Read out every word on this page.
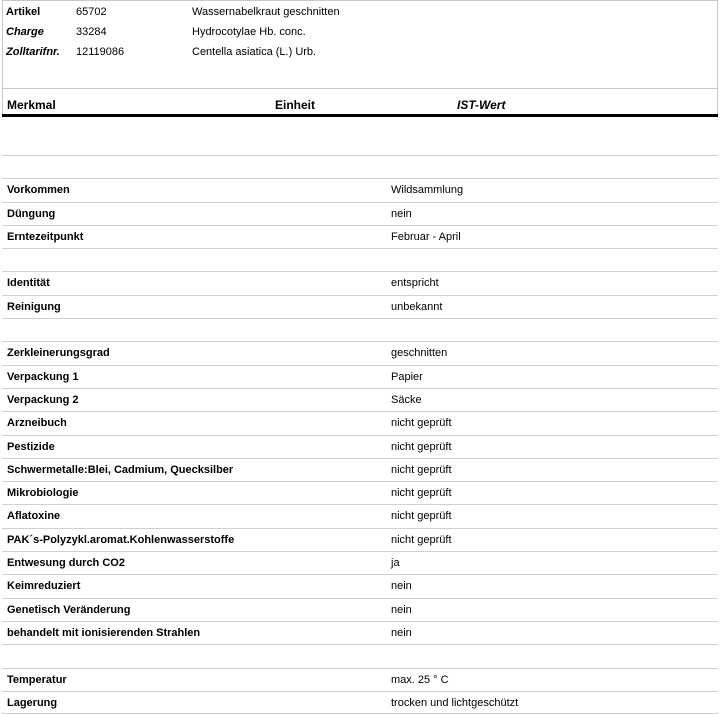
Artikel	65702	Wassernabelkraut geschnitten
Charge	33284	Hydrocotylae Hb. conc.
Zolltarifnr. 12119086	Centella asiatica (L.) Urb.
Merkmal	Einheit	IST-Wert
Vorkommen	Wildsammlung
Düngung	nein
Erntezeitpunkt	Februar - April
Identität	entspricht
Reinigung	unbekannt
Zerkleinerungsgrad	geschnitten
Verpackung 1	Papier
Verpackung 2	Säcke
Arzneibuch	nicht geprüft
Pestizide	nicht geprüft
Schwermetalle:Blei, Cadmium, Quecksilber	nicht geprüft
Mikrobiologie	nicht geprüft
Aflatoxine	nicht geprüft
PAK´s-Polyzykl.aromat.Kohlenwasserstoffe	nicht geprüft
Entwesung durch CO2	ja
Keimreduziert	nein
Genetisch Veränderung	nein
behandelt mit ionisierenden Strahlen	nein
Temperatur	max. 25 ° C
Lagerung	trocken und lichtgeschützt
